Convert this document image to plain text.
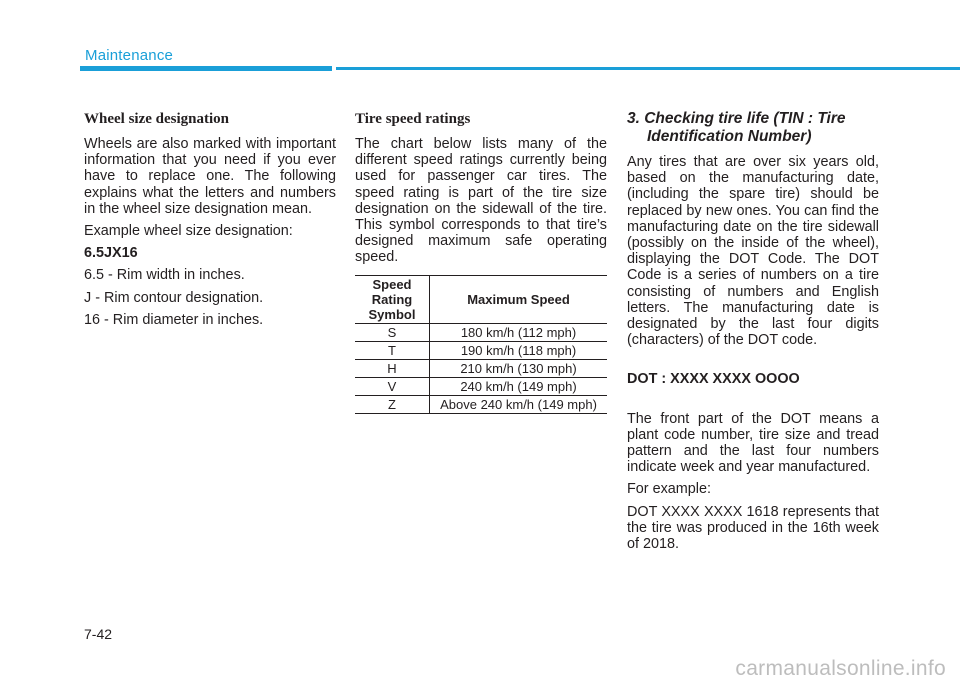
Maintenance
Wheel size designation

Wheels are also marked with important information that you need if you ever have to replace one. The following explains what the letters and numbers in the wheel size designation mean.

Example wheel size designation:

6.5JX16

6.5 - Rim width in inches.

J - Rim contour designation.

16 - Rim diameter in inches.

Tire speed ratings

The chart below lists many of the different speed ratings currently being used for passenger car tires. The speed rating is part of the tire size designation on the sidewall of the tire. This symbol corresponds to that tire’s designed maximum safe operating speed.

Speed Rating Symbol	Maximum Speed
S	180 km/h (112 mph)
T	190 km/h (118 mph)
H	210 km/h (130 mph)
V	240 km/h (149 mph)
Z	Above 240 km/h (149 mph)
3. Checking tire life (TIN : Tire Identification Number)

Any tires that are over six years old, based on the manufacturing date, (including the spare tire) should be replaced by new ones. You can find the manufacturing date on the tire sidewall (possibly on the inside of the wheel), displaying the DOT Code. The DOT Code is a series of numbers on a tire consisting of numbers and English letters. The manufacturing date is designated by the last four digits (characters) of the DOT code.

DOT : XXXX XXXX OOOO

The front part of the DOT means a plant code number, tire size and tread pattern and the last four numbers indicate week and year manufactured.

For example:

DOT XXXX XXXX 1618 represents that the tire was produced in the 16th week of 2018.

7-42
carmanualsonline.info
